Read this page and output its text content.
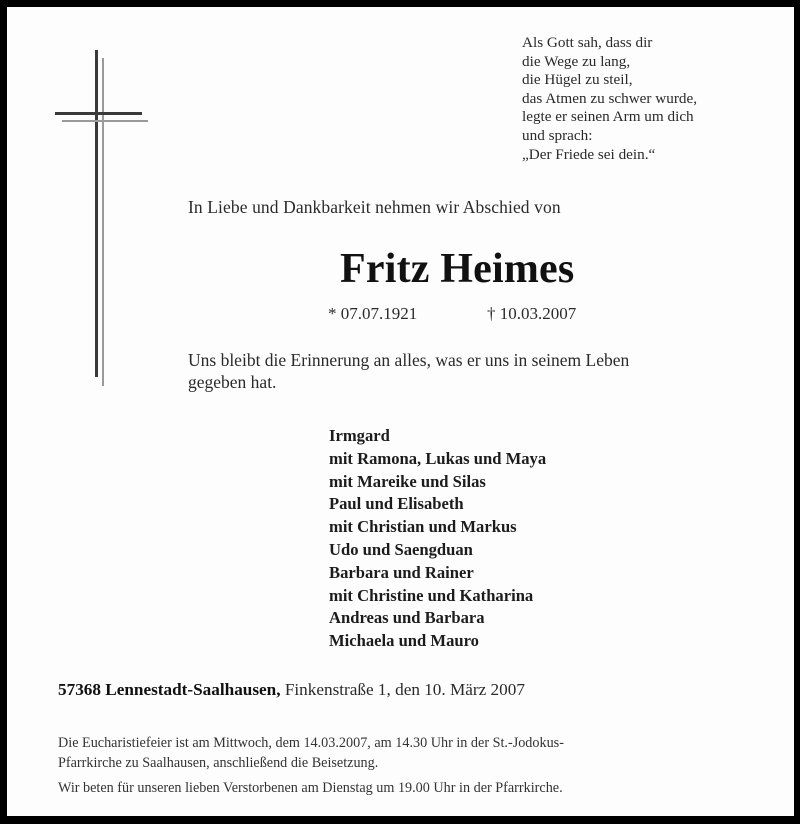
Als Gott sah, dass dir
die Wege zu lang,
die Hügel zu steil,
das Atmen zu schwer wurde,
legte er seinen Arm um dich
und sprach:
„Der Friede sei dein.“
In Liebe und Dankbarkeit nehmen wir Abschied von
Fritz Heimes
* 07.07.1921	† 10.03.2007
Uns bleibt die Erinnerung an alles, was er uns in seinem Leben
gegeben hat.
Irmgard
mit Ramona, Lukas und Maya
mit Mareike und Silas
Paul und Elisabeth
mit Christian und Markus
Udo und Saengduan
Barbara und Rainer
mit Christine und Katharina
Andreas und Barbara
Michaela und Mauro
57368 Lennestadt-Saalhausen, Finkenstraße 1, den 10. März 2007
Die Eucharistiefeier ist am Mittwoch, dem 14.03.2007, am 14.30 Uhr in der St.-Jodokus-
Pfarrkirche zu Saalhausen, anschließend die Beisetzung.
Wir beten für unseren lieben Verstorbenen am Dienstag um 19.00 Uhr in der Pfarrkirche.
